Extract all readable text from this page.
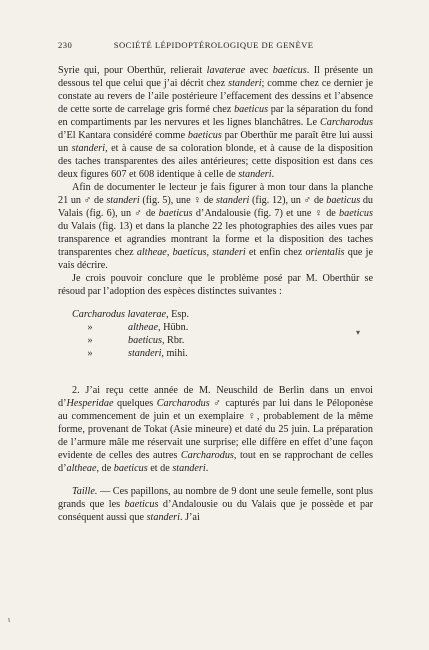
230	SOCIÉTÉ LÉPIDOPTÉROLOGIQUE DE GENÈVE

Syrie qui, pour Oberthür, relierait lavaterae avec baeticus. Il présente un dessous tel que celui que j’ai décrit chez standeri; comme chez ce dernier je constate au revers de l’aile postérieure l’effacement des dessins et l’absence de cette sorte de carrelage gris formé chez baeticus par la séparation du fond en compartiments par les nervures et les lignes blanchâtres. Le Carcharodus d’El Kantara considéré comme baeticus par Oberthür me paraît être lui aussi un standeri, et à cause de sa coloration blonde, et à cause de la disposition des taches transparentes des ailes antérieures; cette disposition est dans ces deux figures 607 et 608 identique à celle de standeri.

Afin de documenter le lecteur je fais figurer à mon tour dans la planche 21 un ♂ de standeri (fig. 5), une ♀ de standeri (fig. 12), un ♂ de baeticus du Valais (fig. 6), un ♂ de baeticus d’Andalousie (fig. 7) et une ♀ de baeticus du Valais (fig. 13) et dans la planche 22 les photographies des ailes vues par transparence et agrandies montrant la forme et la disposition des taches transparentes chez altheae, baeticus, standeri et enfin chez orientalis que je vais décrire.

Je crois pouvoir conclure que le problème posé par M. Oberthür se résoud par l’adoption des espèces distinctes suivantes :

Carcharodus lavaterae, Esp.
»	altheae, Hübn.
»	baeticus, Rbr.
»	standeri, mihi.

2. J’ai reçu cette année de M. Neuschild de Berlin dans un envoi d’Hesperidae quelques Carcharodus ♂ capturés par lui dans le Péloponèse au commencement de juin et un exemplaire ♀, probablement de la même forme, provenant de Tokat (Asie mineure) et daté du 25 juin. La préparation de l’armure mâle me réservait une surprise; elle diffère en effet d’une façon evidente de celles des autres Carcharodus, tout en se rapprochant de celles d’altheae, de baeticus et de standeri.

Taille. — Ces papillons, au nombre de 9 dont une seule femelle, sont plus grands que les baeticus d’Andalousie ou du Valais que je possède et par conséquent aussi que standeri. J’ai

▾
ι
